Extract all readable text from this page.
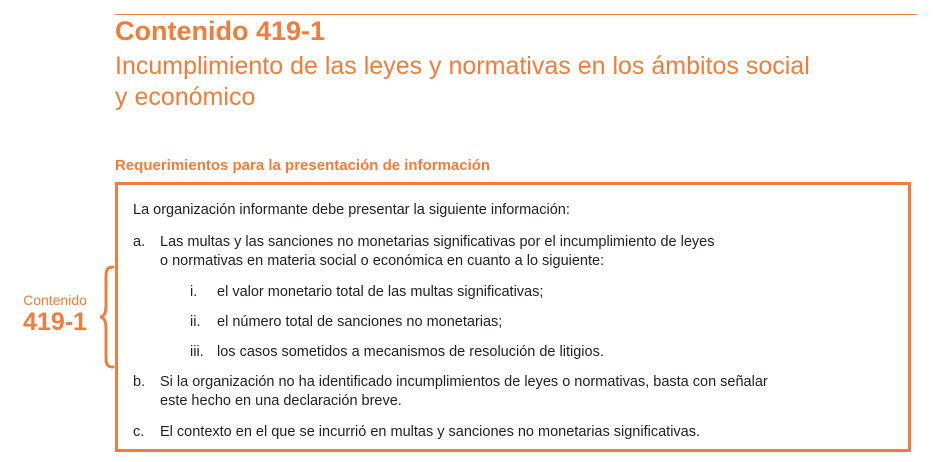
Contenido 419-1
Incumplimiento de las leyes y normativas en los ámbitos social
y económico
Requerimientos para la presentación de información
Contenido
419-1
La organización informante debe presentar la siguiente información:
a. Las multas y las sanciones no monetarias significativas por el incumplimiento de leyes
o normativas en materia social o económica en cuanto a lo siguiente:
i. el valor monetario total de las multas significativas;
ii. el número total de sanciones no monetarias;
iii. los casos sometidos a mecanismos de resolución de litigios.
b. Si la organización no ha identificado incumplimientos de leyes o normativas, basta con señalar
este hecho en una declaración breve.
c. El contexto en el que se incurrió en multas y sanciones no monetarias significativas.
